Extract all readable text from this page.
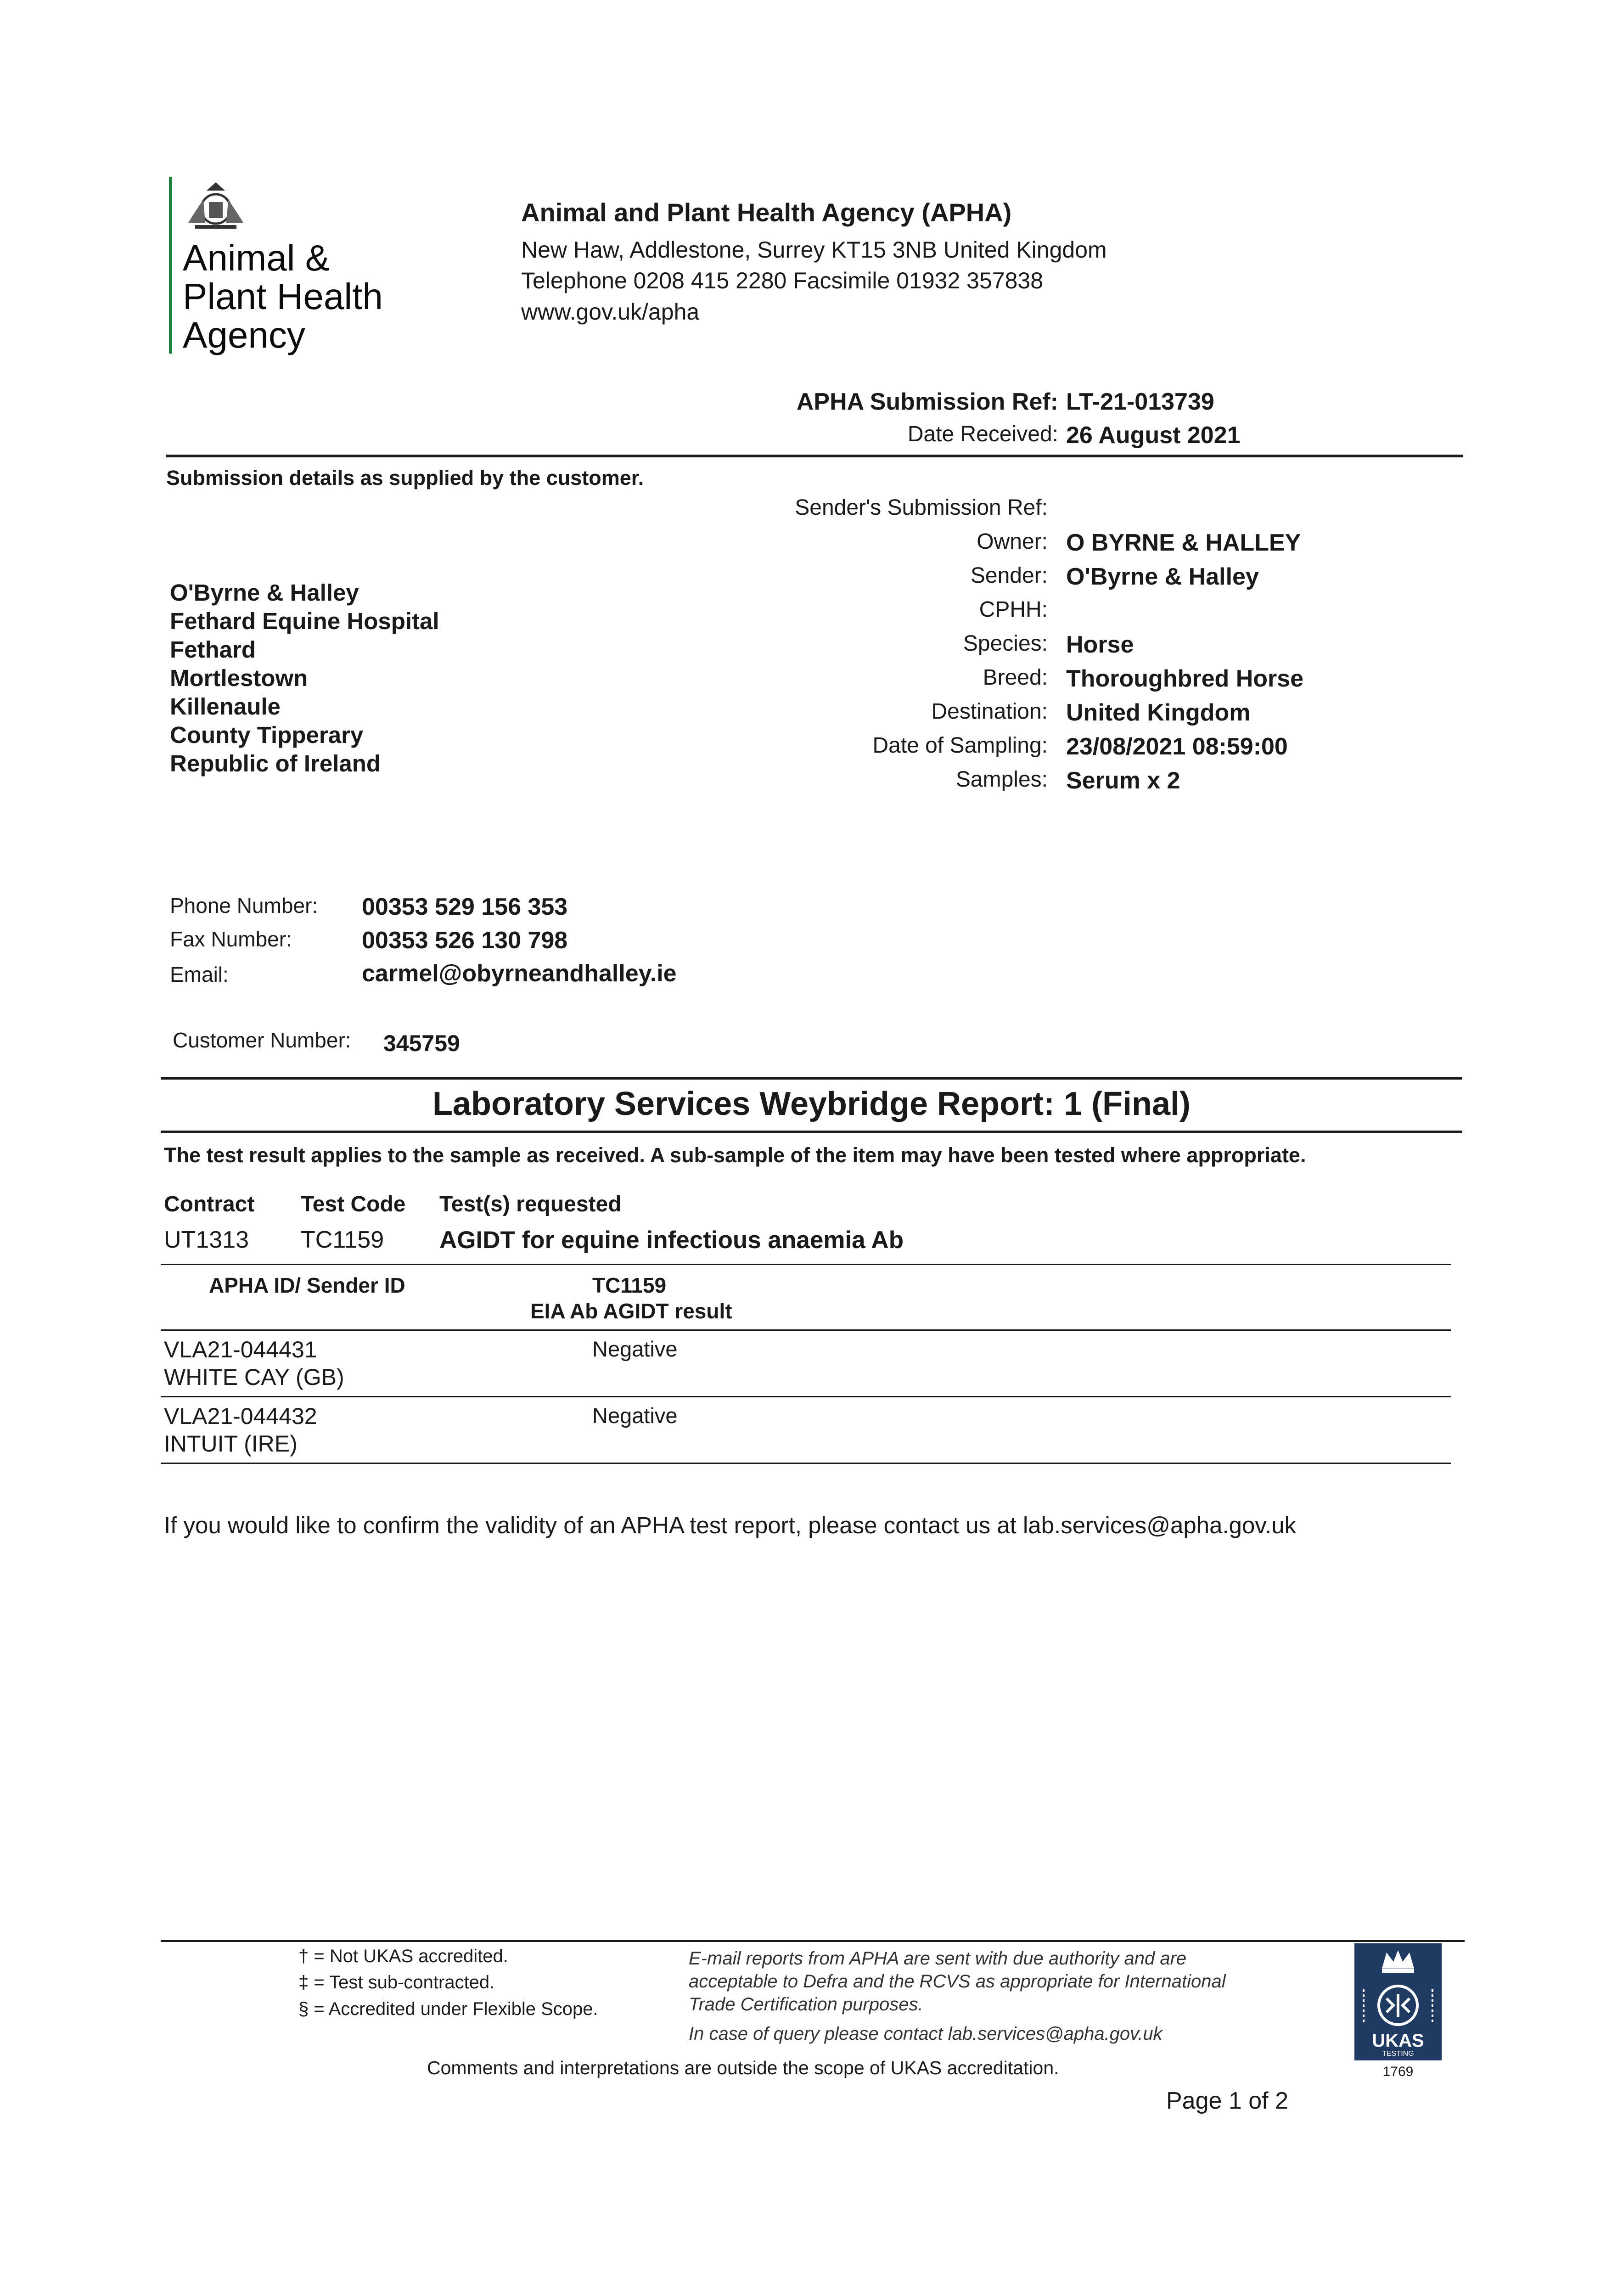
Animal &
Plant Health
Agency
Animal and Plant Health Agency (APHA)
New Haw, Addlestone, Surrey KT15 3NB United Kingdom
Telephone 0208 415 2280 Facsimile 01932 357838
www.gov.uk/apha
APHA Submission Ref: LT-21-013739
Date Received: 26 August 2021
Submission details as supplied by the customer.
O'Byrne & Halley
Fethard Equine Hospital
Fethard
Mortlestown
Killenaule
County Tipperary
Republic of Ireland
Sender's Submission Ref:
Owner: O BYRNE & HALLEY
Sender: O'Byrne & Halley
CPHH:
Species: Horse
Breed: Thoroughbred Horse
Destination: United Kingdom
Date of Sampling: 23/08/2021 08:59:00
Samples: Serum x 2
Phone Number: 00353 529 156 353
Fax Number:	00353 526 130 798
Email:	carmel@obyrneandhalley.ie
Customer Number: 345759
Laboratory Services Weybridge Report: 1 (Final)
The test result applies to the sample as received. A sub-sample of the item may have been tested where appropriate.
Contract Test Code Test(s) requested
UT1313 TC1159 AGIDT for equine infectious anaemia Ab
APHA ID/ Sender ID	TC1159
EIA Ab AGIDT result
VLA21-044431
WHITE CAY (GB)
Negative
VLA21-044432
INTUIT (IRE)
Negative
If you would like to confirm the validity of an APHA test report, please contact us at lab.services@apha.gov.uk
† = Not UKAS accredited.
‡ = Test sub-contracted.
§ = Accredited under Flexible Scope.
E-mail reports from APHA are sent with due authority and are
acceptable to Defra and the RCVS as appropriate for International
Trade Certification purposes.
In case of query please contact lab.services@apha.gov.uk
Comments and interpretations are outside the scope of UKAS accreditation.
UKAS
TESTING
1769
Page 1 of 2
